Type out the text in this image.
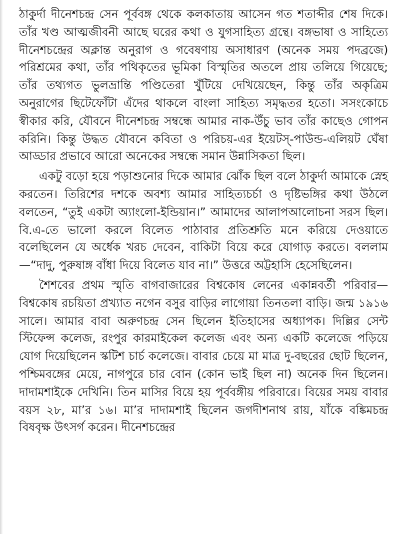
ঠাকুর্দা দীনেশচন্দ্র সেন পূর্ববঙ্গ থেকে কলকাতায় আসেন গত শতাব্দীর শেষ দিকে। তাঁর খণ্ড আত্মজীবনী আছে ঘরের কথা ও যুগসাহিত্য গ্রন্থে। বঙ্গভাষা ও সাহিত্যে দীনেশচন্দ্রের অক্লান্ত অনুরাগ ও গবেষণায় অসাধারণ (অনেক সময় পদব্রজে) পরিশ্রমের কথা, তাঁর পথিকৃতের ভূমিকা বিস্মৃতির অতলে প্রায় তলিয়ে গিয়েছে; তাঁর তথ্যগত ভুলভ্রান্তি পণ্ডিতেরা খুঁটিয়ে দেখিয়েছেন, কিন্তু তাঁর অকৃত্রিম অনুরাগের ছিটেফোঁটা এঁদের থাকলে বাংলা সাহিত্য সমৃদ্ধতর হতো। সসংকোচে স্বীকার করি, যৌবনে দীনেশচন্দ্র সম্বন্ধে আমার নাক-উঁচু ভাব তাঁর কাছেও গোপন করিনি। কিন্তু উদ্ধত যৌবনে কবিতা ও পরিচয়-এর ইয়েটস্-পাউন্ড-এলিয়ট ঘেঁষা আড্ডার প্রভাবে আরো অনেকের সম্বন্ধে সমান উন্নাসিকতা ছিল।

একটু বড়ো হয়ে পড়াশুনোর দিকে আমার ঝোঁক ছিল বলে ঠাকুর্দা আমাকে স্নেহ করতেন। তিরিশের দশকে অবশ্য আমার সাহিত্যচর্চা ও দৃষ্টিভঙ্গির কথা উঠলে বলতেন, “তুই একটা অ্যাংলো-ইন্ডিয়ান।” আমাদের আলাপআলোচনা সরস ছিল। বি.এ-তে ভালো করলে বিলেত পাঠাবার প্রতিশ্রুতি মনে করিয়ে দেওয়াতে বলেছিলেন যে অর্ধেক খরচ দেবেন, বাকিটা বিয়ে করে যোগাড় করতে। বললাম—“দাদু, পুরুষাঙ্গ বাঁধা দিয়ে বিলেত যাব না।” উত্তরে অট্টহাসি হেসেছিলেন।

শৈশবের প্রথম স্মৃতি বাগবাজারের বিশ্বকোষ লেনের একান্নবর্তী পরিবার—বিশ্বকোষ রচয়িতা প্রখ্যাত নগেন বসুর বাড়ির লাগোয়া তিনতলা বাড়ি। জন্ম ১৯১৬ সালে। আমার বাবা অরুণচন্দ্র সেন ছিলেন ইতিহাসের অধ্যাপক। দিল্লির সেন্ট স্টিফেন্স কলেজ, রংপুর কারমাইকেল কলেজ এবং অন্য একটি কলেজে পড়িয়ে যোগ দিয়েছিলেন স্কটিশ চার্চ কলেজে। বাবার চেয়ে মা মাত্র দু-বছরের ছোট ছিলেন, পশ্চিমবঙ্গের মেয়ে, নাগপুরে চার বোন (কোন ভাই ছিল না) অনেক দিন ছিলেন। দাদামশাইকে দেখিনি। তিন মাসির বিয়ে হয় পূর্ববঙ্গীয় পরিবারে। বিয়ের সময় বাবার বয়স ২৮, মা’র ১৬। মা’র দাদামশাই ছিলেন জগদীশনাথ রায়, যাঁকে বঙ্কিমচন্দ্র বিষবৃক্ষ উৎসর্গ করেন। দীনেশচন্দ্রের
